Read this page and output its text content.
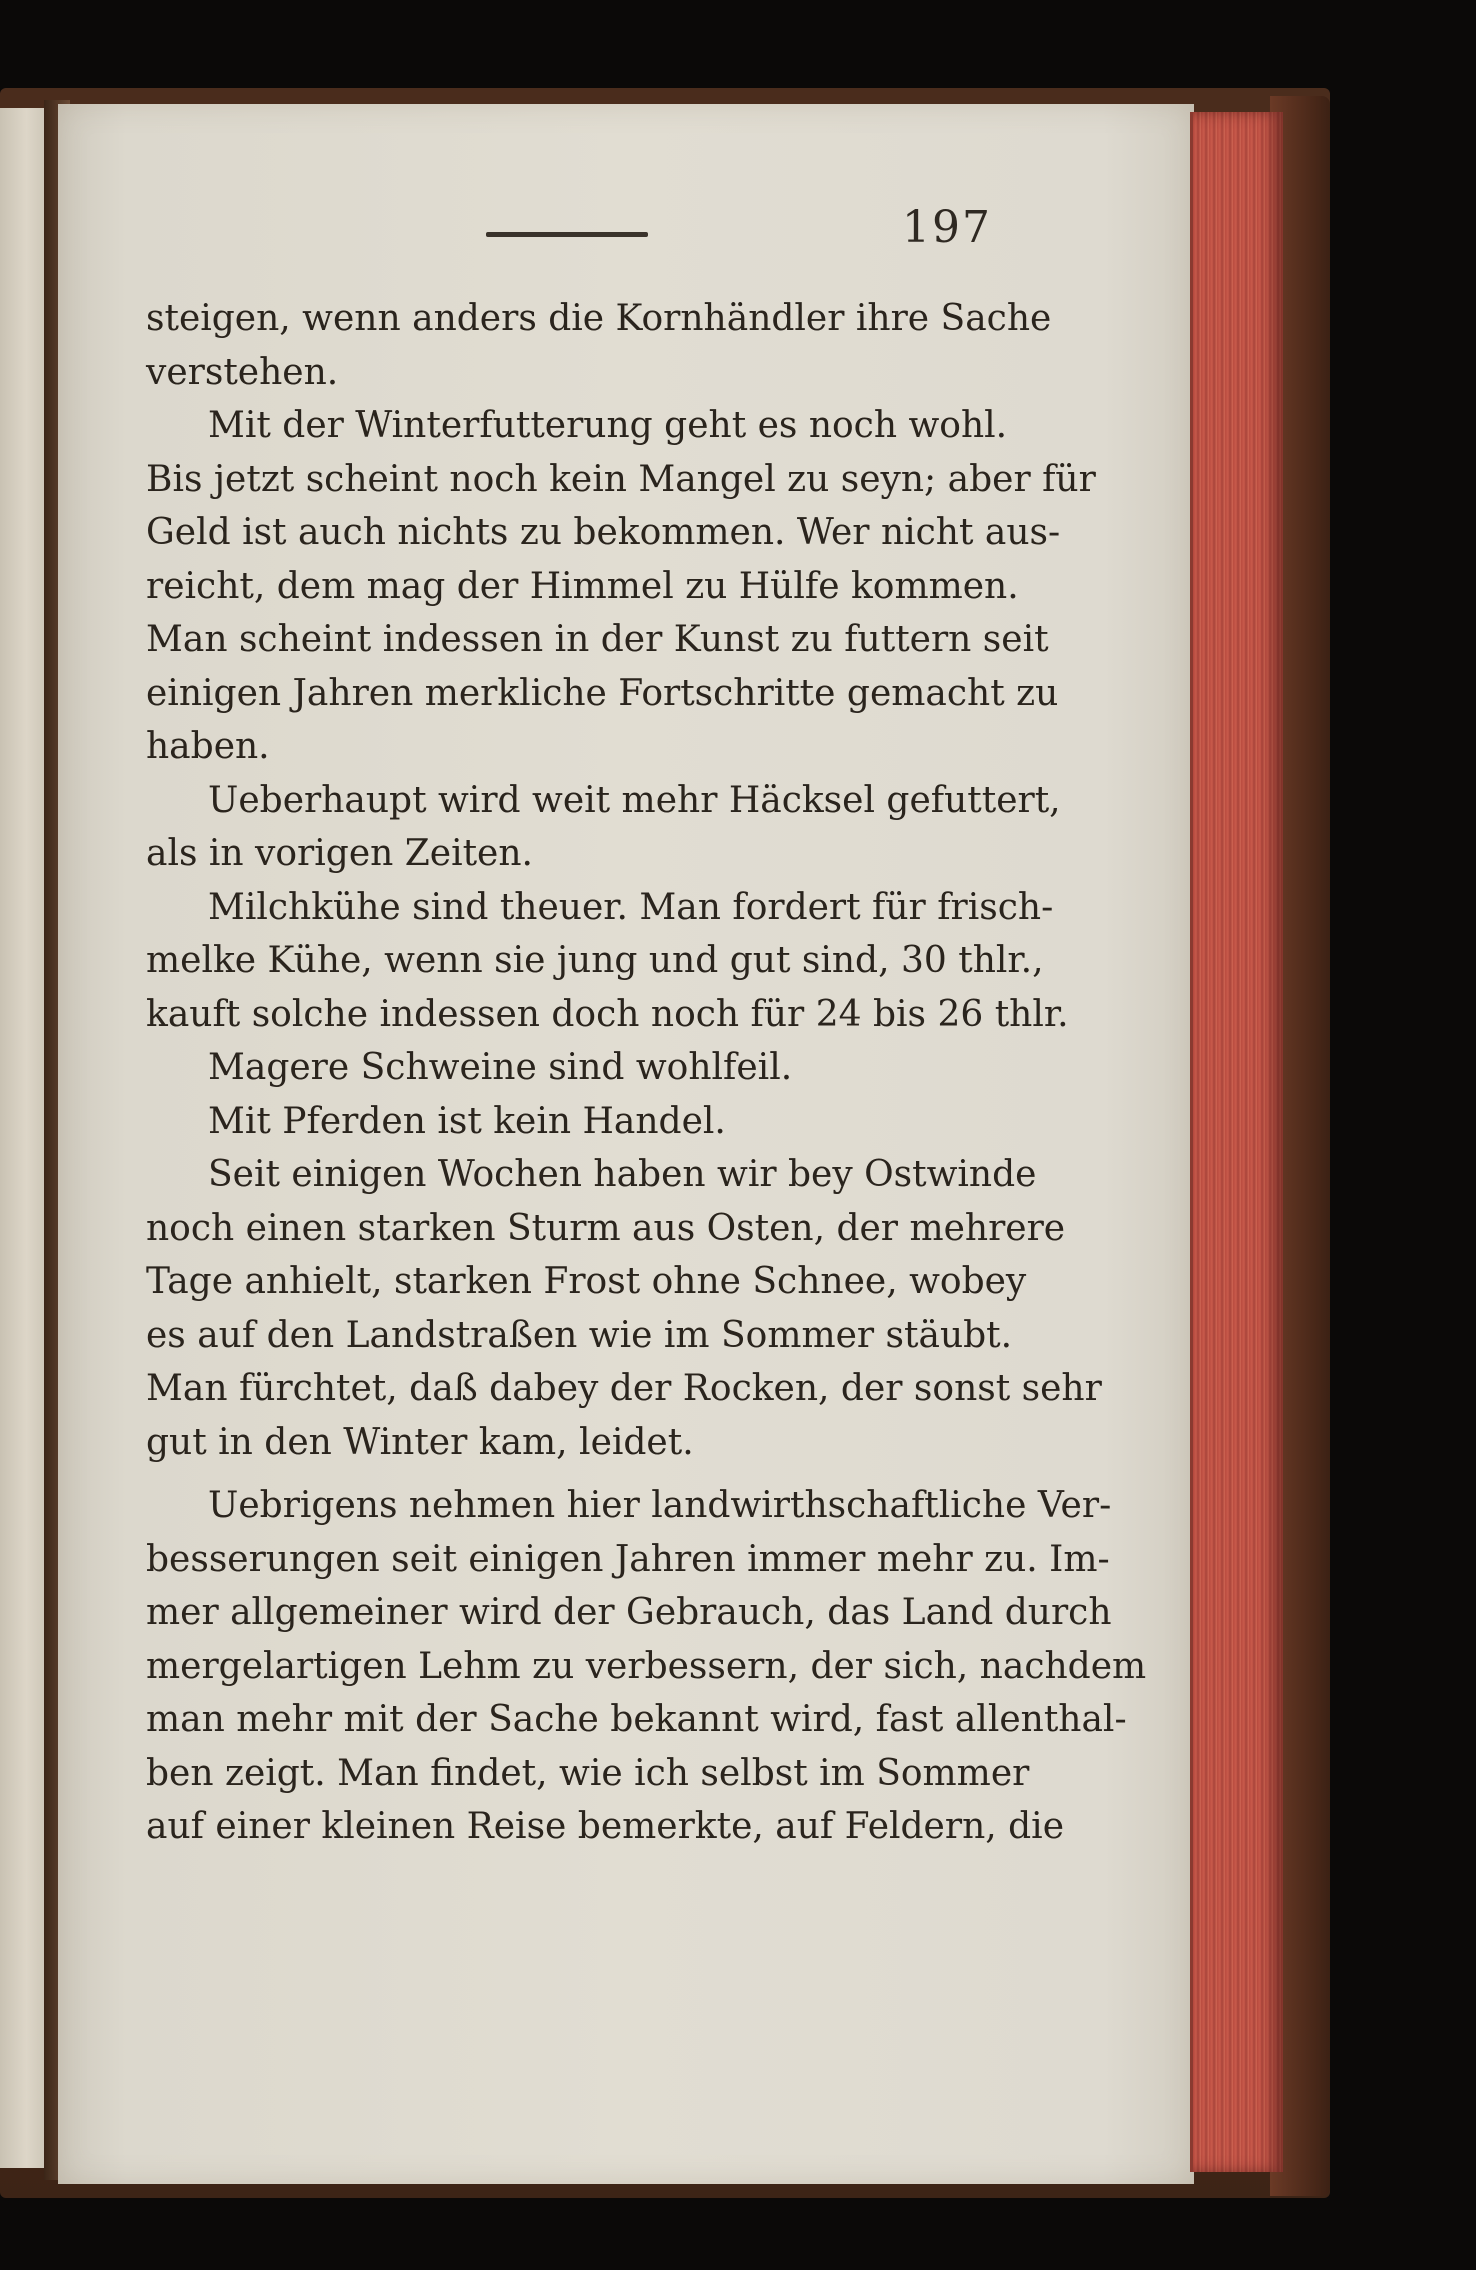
197
steigen, wenn anders die Kornhändler ihre Sache
verstehen.
Mit der Winterfutterung geht es noch wohl.
Bis jetzt scheint noch kein Mangel zu seyn; aber für
Geld ist auch nichts zu bekommen. Wer nicht aus-
reicht, dem mag der Himmel zu Hülfe kommen.
Man scheint indessen in der Kunst zu futtern seit
einigen Jahren merkliche Fortschritte gemacht zu
haben.
Ueberhaupt wird weit mehr Häcksel gefuttert,
als in vorigen Zeiten.
Milchkühe sind theuer. Man fordert für frisch-
melke Kühe, wenn sie jung und gut sind, 30 thlr.,
kauft solche indessen doch noch für 24 bis 26 thlr.
Magere Schweine sind wohlfeil.
Mit Pferden ist kein Handel.
Seit einigen Wochen haben wir bey Ostwinde
noch einen starken Sturm aus Osten, der mehrere
Tage anhielt, starken Frost ohne Schnee, wobey
es auf den Landstraßen wie im Sommer stäubt.
Man fürchtet, daß dabey der Rocken, der sonst sehr
gut in den Winter kam, leidet.
Uebrigens nehmen hier landwirthschaftliche Ver-
besserungen seit einigen Jahren immer mehr zu. Im-
mer allgemeiner wird der Gebrauch, das Land durch
mergelartigen Lehm zu verbessern, der sich, nachdem
man mehr mit der Sache bekannt wird, fast allenthal-
ben zeigt. Man findet, wie ich selbst im Sommer
auf einer kleinen Reise bemerkte, auf Feldern, die
